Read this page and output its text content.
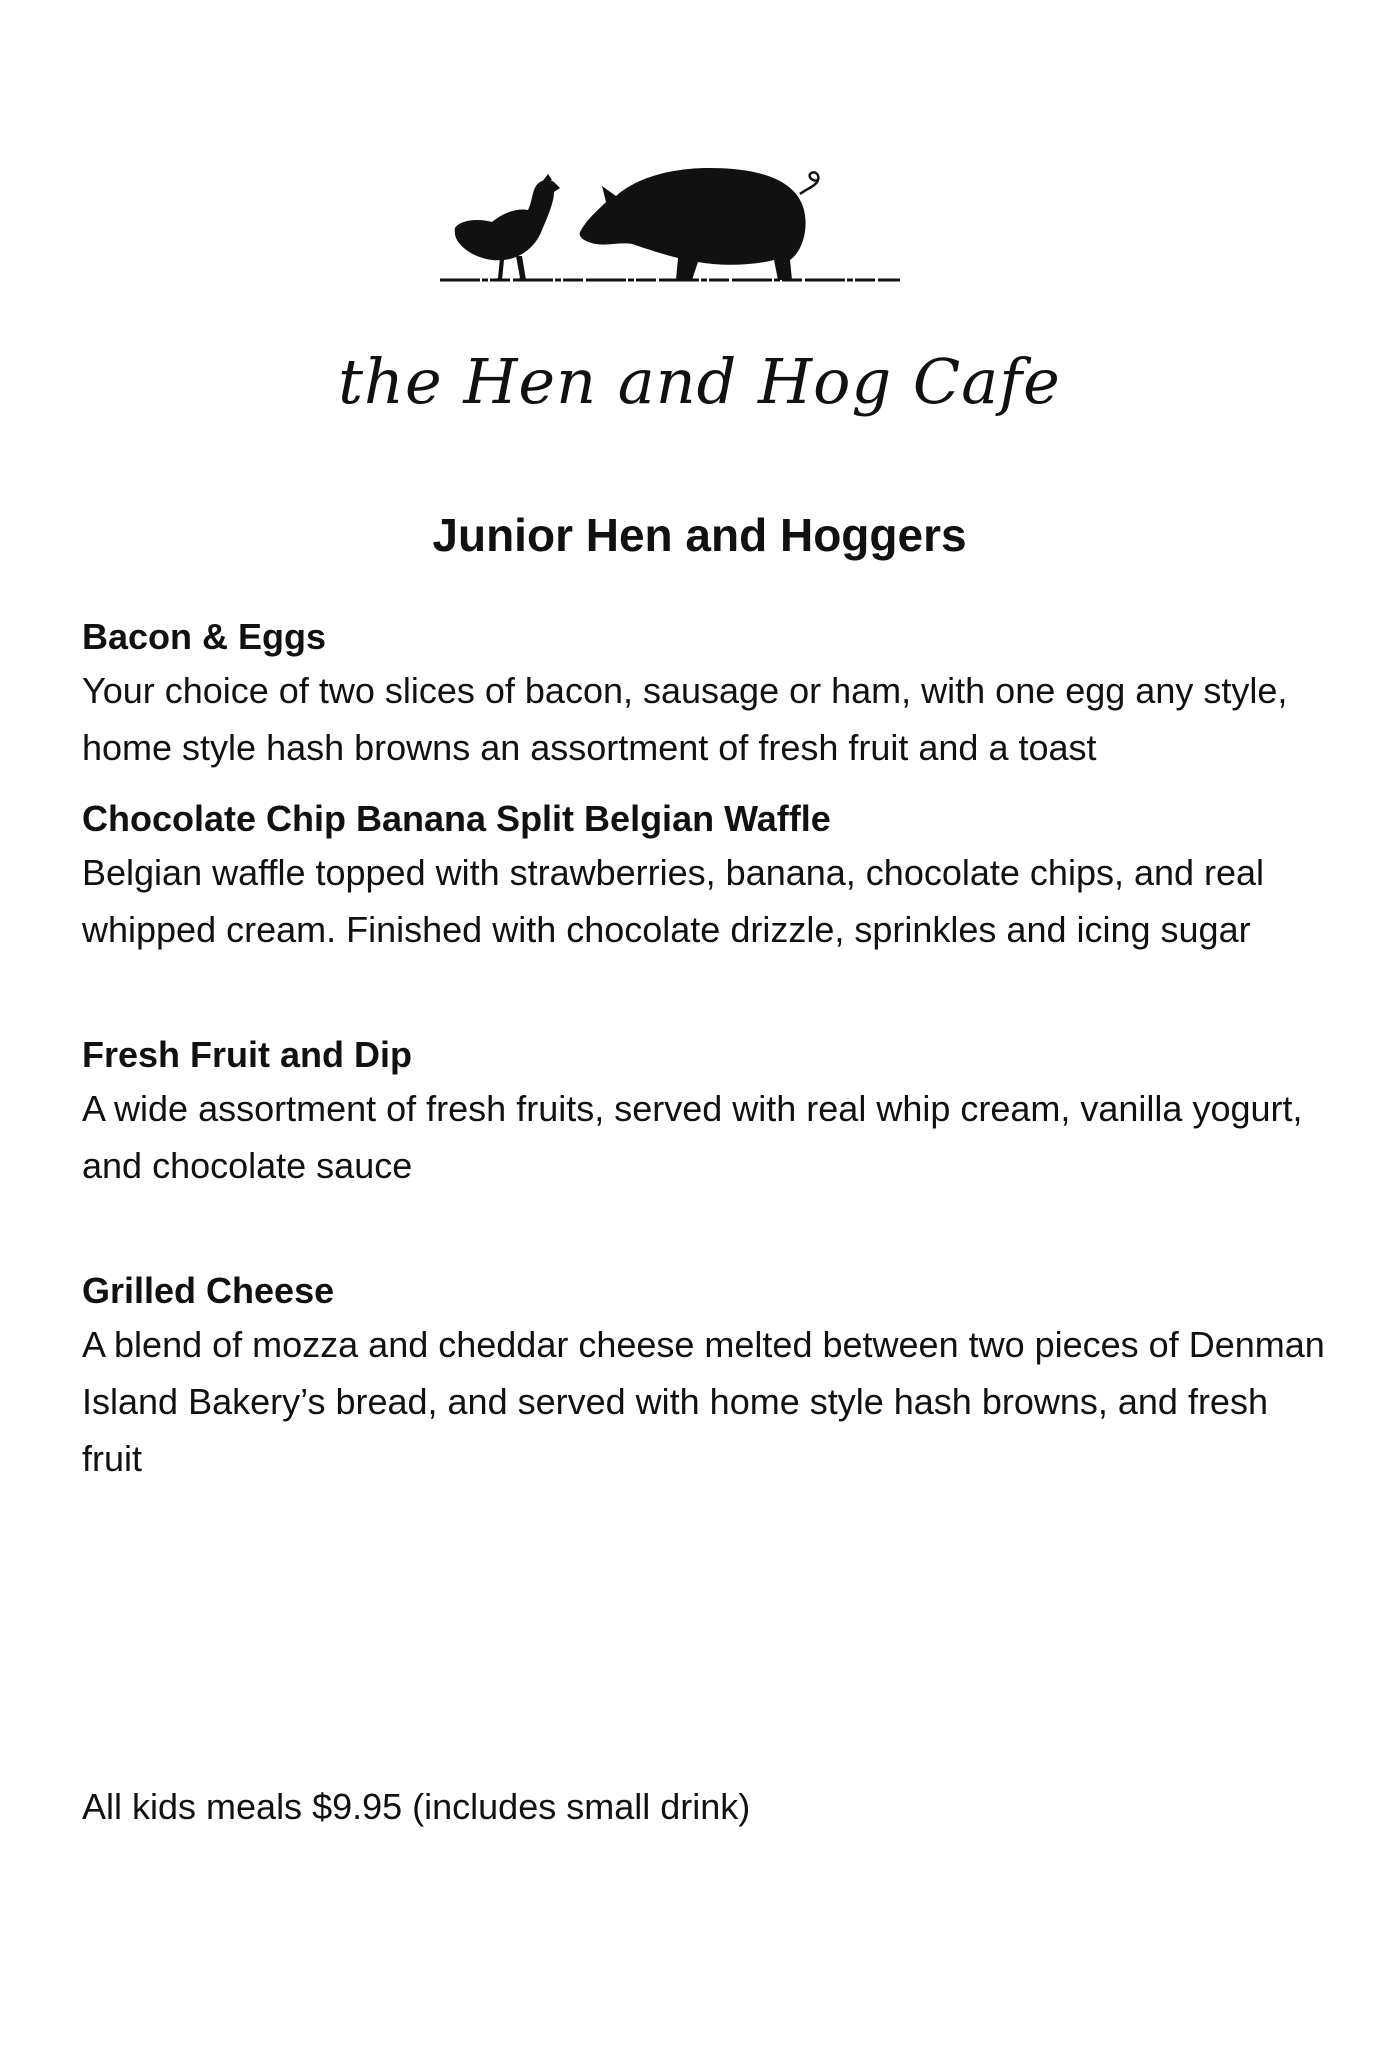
the Hen and Hog Cafe
Junior Hen and Hoggers
Bacon & Eggs
Your choice of two slices of bacon, sausage or ham, with one egg any style, home style hash browns an assortment of fresh fruit and a toast
Chocolate Chip Banana Split Belgian Waffle
Belgian waffle topped with strawberries, banana, chocolate chips, and real whipped cream. Finished with chocolate drizzle, sprinkles and icing sugar
Fresh Fruit and Dip
A wide assortment of fresh fruits, served with real whip cream, vanilla yogurt, and chocolate sauce
Grilled Cheese
A blend of mozza and cheddar cheese melted between two pieces of Denman Island Bakery’s bread, and served with home style hash browns, and fresh fruit
All kids meals $9.95 (includes small drink)
